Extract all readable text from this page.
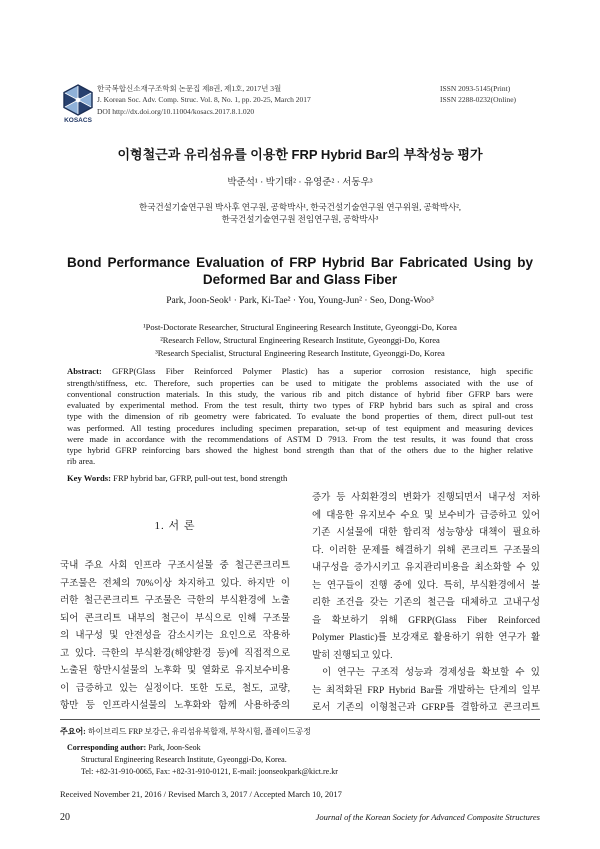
KOSACS
한국복합신소재구조학회 논문집 제8권, 제1호, 2017년 3월
J. Korean Soc. Adv. Comp. Struc. Vol. 8, No. 1, pp. 20-25, March 2017
DOI http://dx.doi.org/10.11004/kosacs.2017.8.1.020
ISSN 2093-5145(Print)
ISSN 2288-0232(Online)
이형철근과 유리섬유를 이용한 FRP Hybrid Bar의 부착성능 평가
박준석¹ · 박기태² · 유영준² · 서동우³
한국건설기술연구원 박사후 연구원, 공학박사¹, 한국건설기술연구원 연구위원, 공학박사²,
한국건설기술연구원 전임연구원, 공학박사³
Bond Performance Evaluation of FRP Hybrid Bar Fabricated Using by
Deformed Bar and Glass Fiber
Park, Joon-Seok¹ · Park, Ki-Tae² · You, Young-Jun² · Seo, Dong-Woo³
¹Post-Doctorate Researcher, Structural Engineering Research Institute, Gyeonggi-Do, Korea
²Research Fellow, Structural Engineering Research Institute, Gyeonggi-Do, Korea
³Research Specialist, Structural Engineering Research Institute, Gyeonggi-Do, Korea
Abstract: GFRP(Glass Fiber Reinforced Polymer Plastic) has a superior corrosion resistance, high specific
strength/stiffness, etc. Therefore, such properties can be used to mitigate the problems associated with the use of
conventional construction materials. In this study, the various rib and pitch distance of hybrid fiber GFRP bars were
evaluated by experimental method. From the test result, thirty two types of FRP hybrid bars such as spiral and cross
type with the dimension of rib geometry were fabricated. To evaluate the bond properties of them, direct pull-out test
was performed. All testing procedures including specimen preparation, set-up of test equipment and measuring devices
were made in accordance with the recommendations of ASTM D 7913. From the test results, it was found that cross
type hybrid GFRP reinforcing bars showed the highest bond strength than that of the others due to the higher relative
rib area.
Key Words: FRP hybrid bar, GFRP, pull-out test, bond strength
1. 서 론
국내 주요 사회 인프라 구조시설물 중 철근콘크리트
구조물은 전체의 70%이상 차지하고 있다. 하지만 이
러한 철근콘크리트 구조물은 극한의 부식환경에 노출
되어 콘크리트 내부의 철근이 부식으로 인해 구조물
의 내구성 및 안전성을 감소시키는 요인으로 작용하
고 있다. 극한의 부식환경(해양환경 등)에 직접적으로
노출된 항만시설물의 노후화 및 열화로 유지보수비용
이 급증하고 있는 실정이다. 또한 도로, 철도, 교량,
항만 등 인프라시설물의 노후화와 함께 사용하중의
증가 등 사회환경의 변화가 진행되면서 내구성 저하
에 대응한 유지보수 수요 및 보수비가 급증하고 있어
기존 시설물에 대한 합리적 성능향상 대책이 필요하
다. 이러한 문제를 해결하기 위해 콘크리트 구조물의
내구성을 증가시키고 유지관리비용을 최소화할 수 있
는 연구들이 진행 중에 있다. 특히, 부식환경에서 불
리한 조건을 갖는 기존의 철근을 대체하고 고내구성
을 확보하기 위해 GFRP(Glass Fiber Reinforced
Polymer Plastic)를 보강재로 활용하기 위한 연구가 활
발히 진행되고 있다.
이 연구는 구조적 성능과 경제성을 확보할 수 있
는 최적화된 FRP Hybrid Bar를 개발하는 단계의 일부
로서 기존의 이형철근과 GFRP를 결합하고 콘크리트
주요어: 하이브리드 FRP 보강근, 유리섬유복합재, 부착시험, 플레이드공정
Corresponding author: Park, Joon-Seok
Structural Engineering Research Institute, Gyeonggi-Do, Korea.
Tel: +82-31-910-0065, Fax: +82-31-910-0121, E-mail: joonseokpark@kict.re.kr
Received November 21, 2016 / Revised March 3, 2017 / Accepted March 10, 2017
20	Journal of the Korean Society for Advanced Composite Structures
